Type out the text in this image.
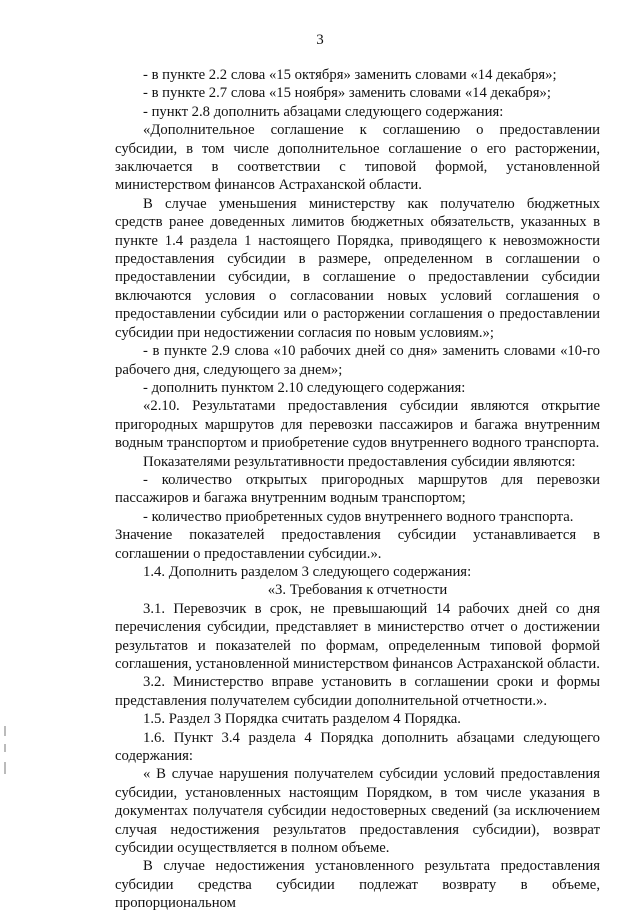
3

- в пункте 2.2 слова «15 октября» заменить словами «14 декабря»;

- в пункте 2.7 слова «15 ноября» заменить словами «14 декабря»;

- пункт 2.8 дополнить абзацами следующего содержания:

«Дополнительное соглашение к соглашению о предоставлении субсидии, в том числе дополнительное соглашение о его расторжении, заключается в соответствии с типовой формой, установленной министерством финансов Астраханской области.

В случае уменьшения министерству как получателю бюджетных средств ранее доведенных лимитов бюджетных обязательств, указанных в пункте 1.4 раздела 1 настоящего Порядка, приводящего к невозможности предоставления субсидии в размере, определенном в соглашении о предоставлении субсидии, в соглашение о предоставлении субсидии включаются условия о согласовании новых условий соглашения о предоставлении субсидии или о расторжении соглашения о предоставлении субсидии при недостижении согласия по новым условиям.»;

- в пункте 2.9 слова «10 рабочих дней со дня» заменить словами «10-го рабочего дня, следующего за днем»;

- дополнить пунктом 2.10 следующего содержания:

«2.10. Результатами предоставления субсидии являются открытие пригородных маршрутов для перевозки пассажиров и багажа внутренним водным транспортом и приобретение судов внутреннего водного транспорта.

Показателями результативности предоставления субсидии являются:

- количество открытых пригородных маршрутов для перевозки пассажиров и багажа внутренним водным транспортом;

- количество приобретенных судов внутреннего водного транспорта.

Значение показателей предоставления субсидии устанавливается в соглашении о предоставлении субсидии.».

1.4. Дополнить разделом 3 следующего содержания:

«3. Требования к отчетности

3.1. Перевозчик в срок, не превышающий 14 рабочих дней со дня перечисления субсидии, представляет в министерство отчет о достижении результатов и показателей по формам, определенным типовой формой соглашения, установленной министерством финансов Астраханской области.

3.2. Министерство вправе установить в соглашении сроки и формы представления получателем субсидии дополнительной отчетности.».

1.5. Раздел 3 Порядка считать разделом 4 Порядка.

1.6. Пункт 3.4 раздела 4 Порядка дополнить абзацами следующего содержания:

« В случае нарушения получателем субсидии условий предоставления субсидии, установленных настоящим Порядком, в том числе указания в документах получателя субсидии недостоверных сведений (за исключением случая недостижения результатов предоставления субсидии), возврат субсидии осуществляется в полном объеме.

В случае недостижения установленного результата предоставления субсидии средства субсидии подлежат возврату в объеме, пропорциональном
